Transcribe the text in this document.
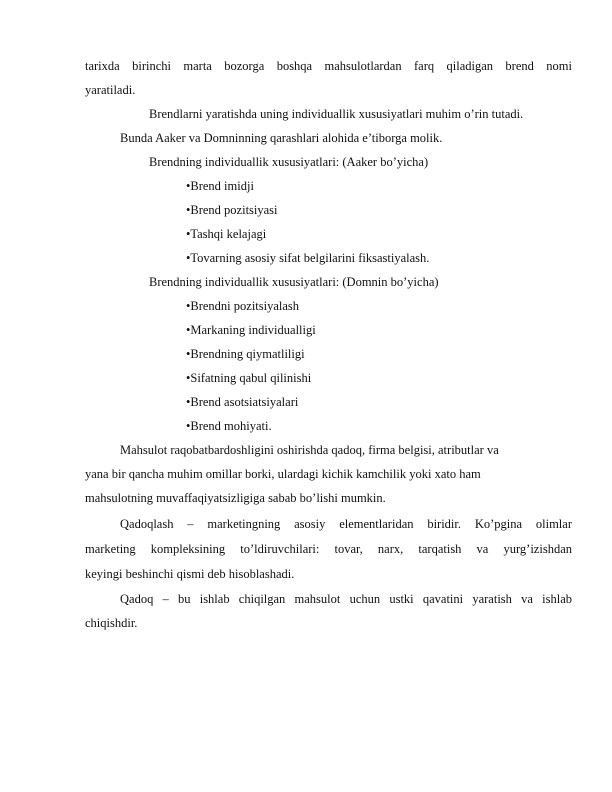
tarixda birinchi marta bozorga boshqa mahsulotlardan farq qiladigan brend nomi
yaratiladi.
Brendlarni yaratishda uning individuallik xususiyatlari muhim o’rin tutadi.
Bunda Aaker va Domninning qarashlari alohida e’tiborga molik.
Brendning individuallik xususiyatlari: (Aaker bo’yicha)
•Brend imidji
•Brend pozitsiyasi
•Tashqi kelajagi
•Tovarning asosiy sifat belgilarini fiksastiyalash.
Brendning individuallik xususiyatlari: (Domnin bo’yicha)
•Brendni pozitsiyalash
•Markaning individualligi
•Brendning qiymatliligi
•Sifatning qabul qilinishi
•Brend asotsiatsiyalari
•Brend mohiyati.
Mahsulot raqobatbardoshligini oshirishda qadoq, firma belgisi, atributlar va
yana bir qancha muhim omillar borki, ulardagi kichik kamchilik yoki xato ham
mahsulotning muvaffaqiyatsizligiga sabab bo’lishi mumkin.
Qadoqlash – marketingning asosiy elementlaridan biridir. Ko’pgina olimlar
marketing kompleksining to’ldiruvchilari: tovar, narx, tarqatish va yurg’izishdan
keyingi beshinchi qismi deb hisoblashadi.
Qadoq – bu ishlab chiqilgan mahsulot uchun ustki qavatini yaratish va ishlab
chiqishdir.
